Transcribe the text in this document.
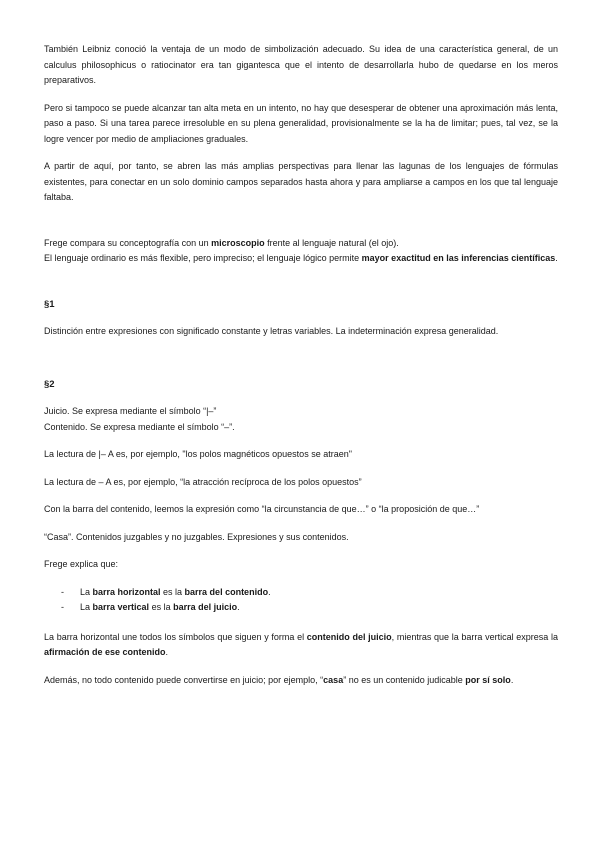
También Leibniz conoció la ventaja de un modo de simbolización adecuado. Su idea de una característica general, de un calculus philosophicus o ratiocinator era tan gigantesca que el intento de desarrollarla hubo de quedarse en los meros preparativos.

Pero si tampoco se puede alcanzar tan alta meta en un intento, no hay que desesperar de obtener una aproximación más lenta, paso a paso. Si una tarea parece irresoluble en su plena generalidad, provisionalmente se la ha de limitar; pues, tal vez, se la logre vencer por medio de ampliaciones graduales.

A partir de aquí, por tanto, se abren las más amplias perspectivas para llenar las lagunas de los lenguajes de fórmulas existentes, para conectar en un solo dominio campos separados hasta ahora y para ampliarse a campos en los que tal lenguaje faltaba.

Frege compara su conceptografía con un microscopio frente al lenguaje natural (el ojo).

El lenguaje ordinario es más flexible, pero impreciso; el lenguaje lógico permite mayor exactitud en las inferencias científicas.

§1

Distinción entre expresiones con significado constante y letras variables. La indeterminación expresa generalidad.

§2

Juicio. Se expresa mediante el símbolo “|–”

Contenido. Se expresa mediante el símbolo “–”.

La lectura de |– A es, por ejemplo, "los polos magnéticos opuestos se atraen"

La lectura de – A es, por ejemplo, “la atracción recíproca de los polos opuestos”

Con la barra del contenido, leemos la expresión como “la circunstancia de que…” o “la proposición de que…”

“Casa”. Contenidos juzgables y no juzgables. Expresiones y sus contenidos.

Frege explica que:

- La barra horizontal es la barra del contenido.
- La barra vertical es la barra del juicio.

La barra horizontal une todos los símbolos que siguen y forma el contenido del juicio, mientras que la barra vertical expresa la afirmación de ese contenido.

Además, no todo contenido puede convertirse en juicio; por ejemplo, “casa” no es un contenido judicable por sí solo.
